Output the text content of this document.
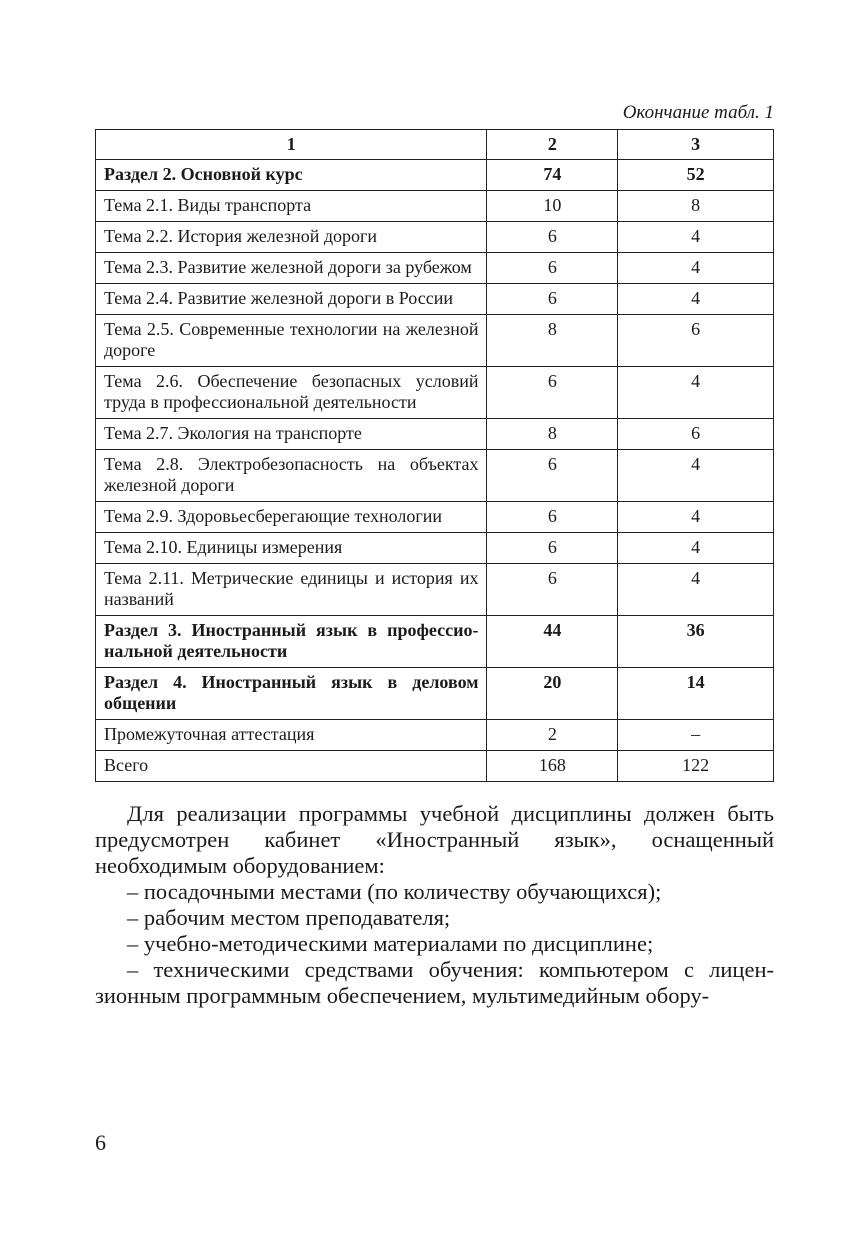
Окончание табл. 1
1	2	3
Раздел 2. Основной курс	74	52
Тема 2.1. Виды транспорта	10	8
Тема 2.2. История железной дороги	6	4
Тема 2.3. Развитие железной дороги за рубежом	6	4
Тема 2.4. Развитие железной дороги в России	6	4
Тема 2.5. Современные технологии на железной дороге	8	6
Тема 2.6. Обеспечение безопасных условий труда в профессиональной деятельности	6	4
Тема 2.7. Экология на транспорте	8	6
Тема 2.8. Электробезопасность на объектах железной дороги	6	4
Тема 2.9. Здоровьесберегающие технологии	6	4
Тема 2.10. Единицы измерения	6	4
Тема 2.11. Метрические единицы и история их названий	6	4
Раздел 3. Иностранный язык в профессиональной деятельности	44	36
Раздел 4. Иностранный язык в деловом общении	20	14
Промежуточная аттестация	2	–
Всего	168	122

Для реализации программы учебной дисциплины должен быть предусмотрен кабинет «Иностранный язык», оснащенный необходимым оборудованием:

– посадочными местами (по количеству обучающихся);

– рабочим местом преподавателя;

– учебно-методическими материалами по дисциплине;

– техническими средствами обучения: компьютером с лицензионным программным обеспечением, мультимедийным обору-

6
